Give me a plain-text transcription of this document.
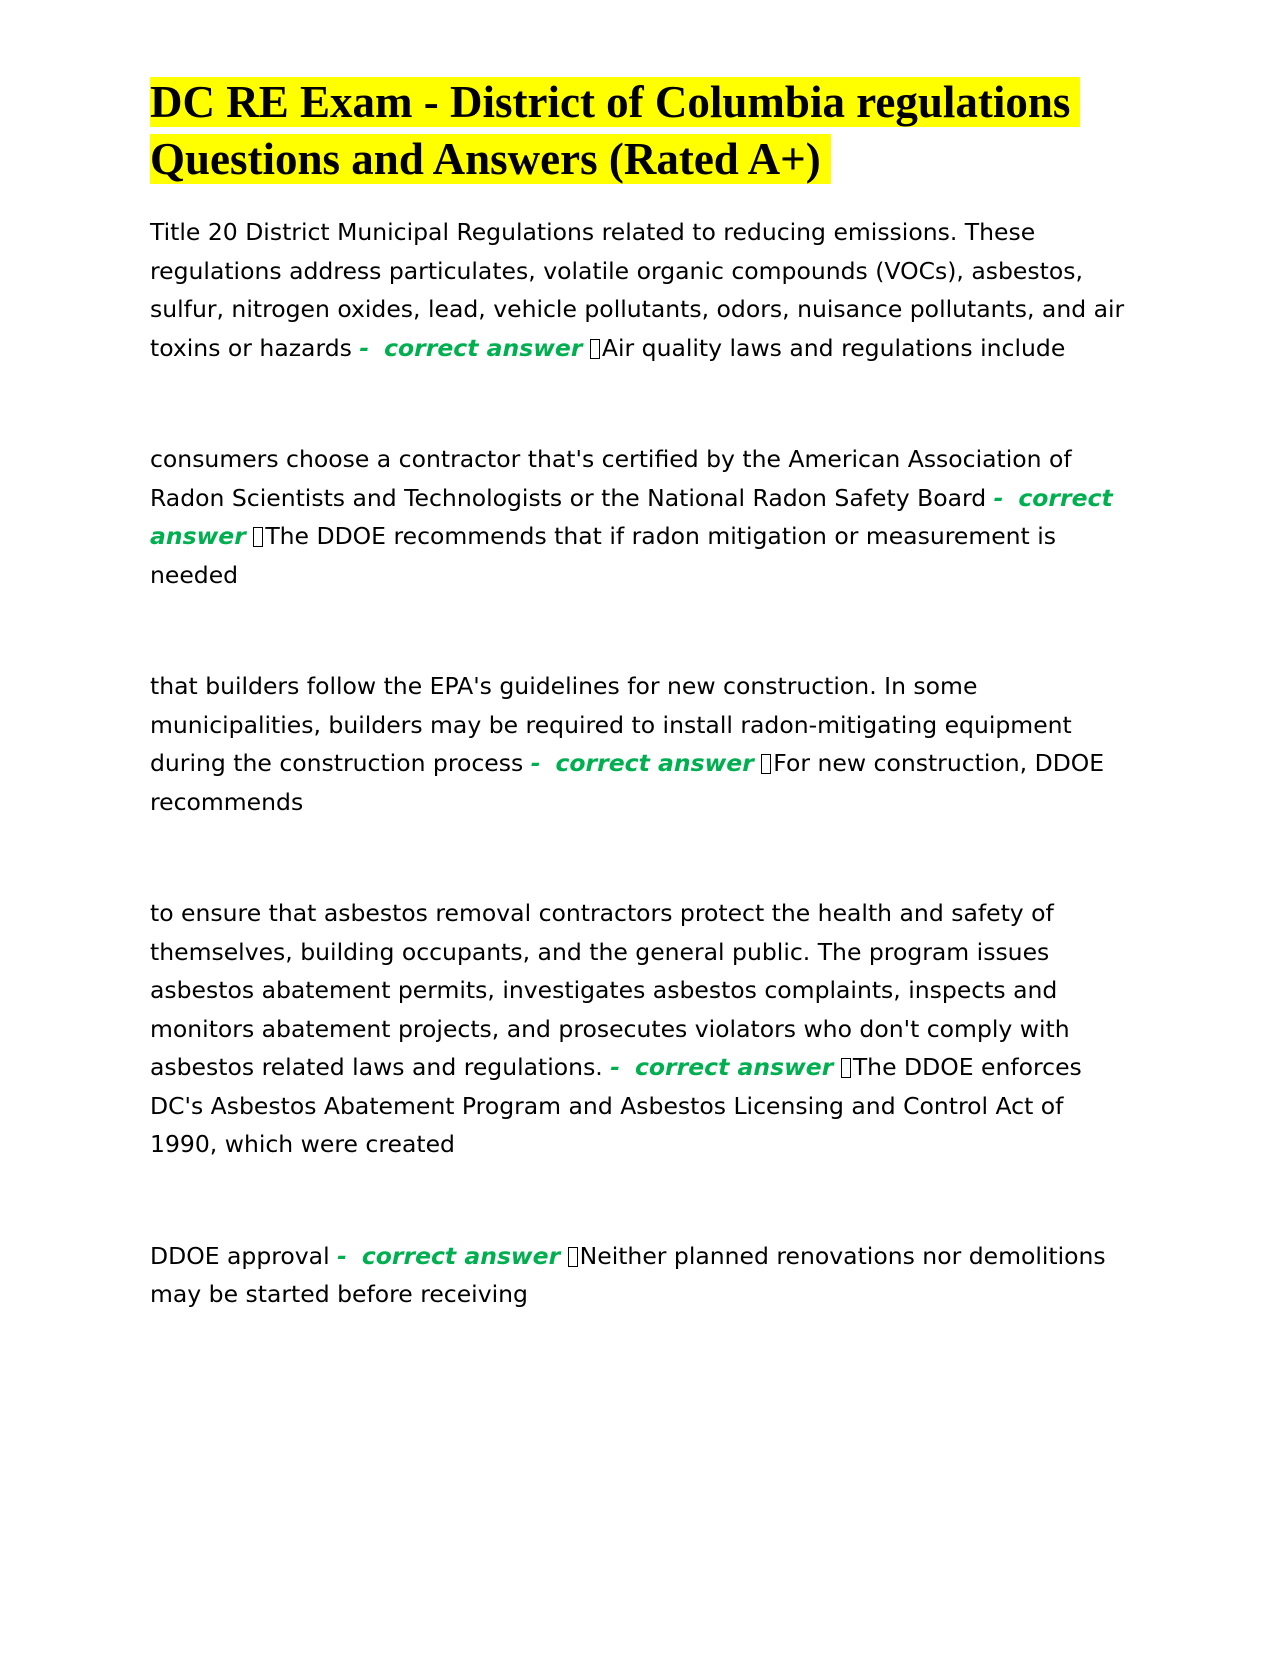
DC RE Exam - District of Columbia regulations Questions and Answers (Rated A+)

Title 20 District Municipal Regulations related to reducing emissions. These regulations address particulates, volatile organic compounds (VOCs), asbestos, sulfur, nitrogen oxides, lead, vehicle pollutants, odors, nuisance pollutants, and air toxins or hazards - correct answer Air quality laws and regulations include

consumers choose a contractor that's certified by the American Association of Radon Scientists and Technologists or the National Radon Safety Board - correct answer The DDOE recommends that if radon mitigation or measurement is needed

that builders follow the EPA's guidelines for new construction. In some municipalities, builders may be required to install radon-mitigating equipment during the construction process - correct answer For new construction, DDOE recommends

to ensure that asbestos removal contractors protect the health and safety of themselves, building occupants, and the general public. The program issues asbestos abatement permits, investigates asbestos complaints, inspects and monitors abatement projects, and prosecutes violators who don't comply with asbestos related laws and regulations. - correct answer The DDOE enforces DC's Asbestos Abatement Program and Asbestos Licensing and Control Act of 1990, which were created

DDOE approval - correct answer Neither planned renovations nor demolitions may be started before receiving
